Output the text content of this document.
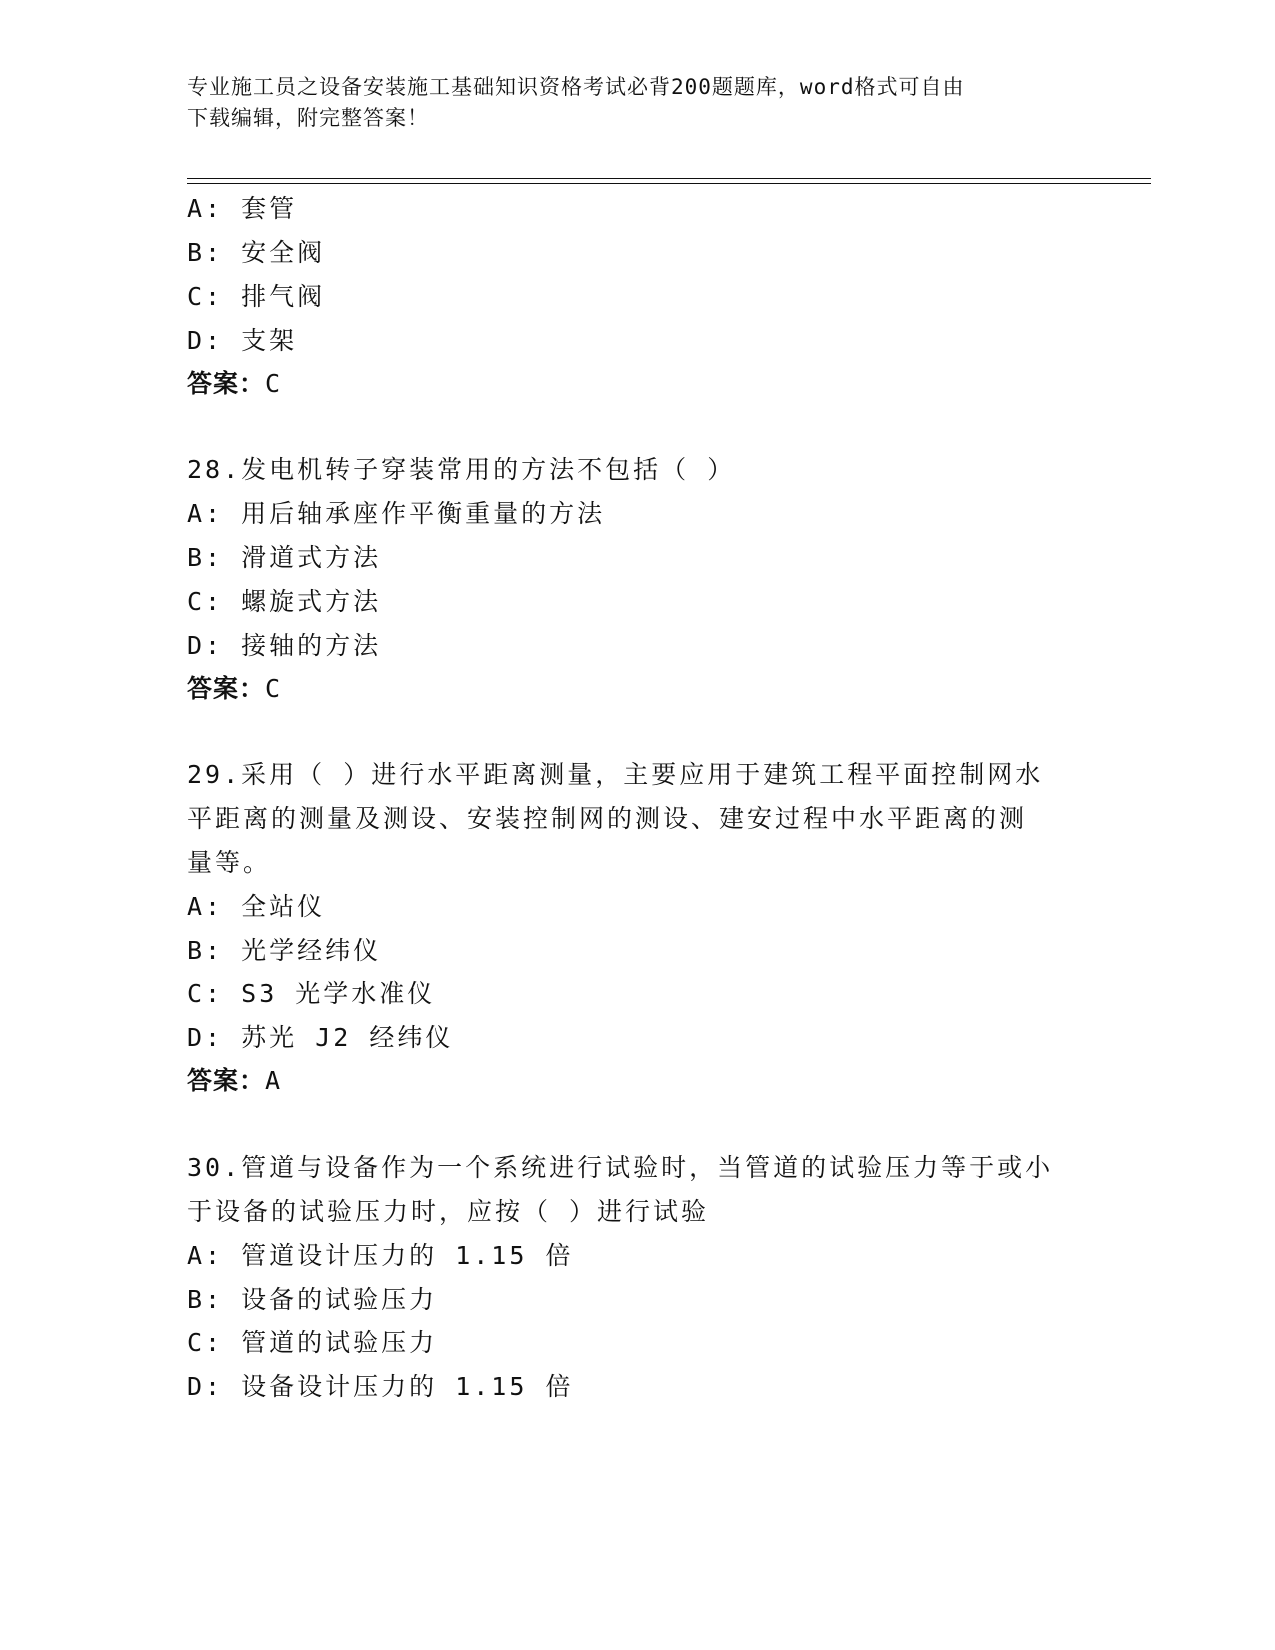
专业施工员之设备安装施工基础知识资格考试必背200题题库，word格式可自由
下载编辑，附完整答案！
A: 套管
B: 安全阀
C: 排气阀
D: 支架
答案：C
28.发电机转子穿装常用的方法不包括（ ）
A: 用后轴承座作平衡重量的方法
B: 滑道式方法
C: 螺旋式方法
D: 接轴的方法
答案：C
29.采用（ ）进行水平距离测量，主要应用于建筑工程平面控制网水
平距离的测量及测设、安装控制网的测设、建安过程中水平距离的测
量等。
A: 全站仪
B: 光学经纬仪
C: S3 光学水准仪
D: 苏光 J2 经纬仪
答案：A
30.管道与设备作为一个系统进行试验时，当管道的试验压力等于或小
于设备的试验压力时，应按（ ）进行试验
A: 管道设计压力的 1.15 倍
B: 设备的试验压力
C: 管道的试验压力
D: 设备设计压力的 1.15 倍
